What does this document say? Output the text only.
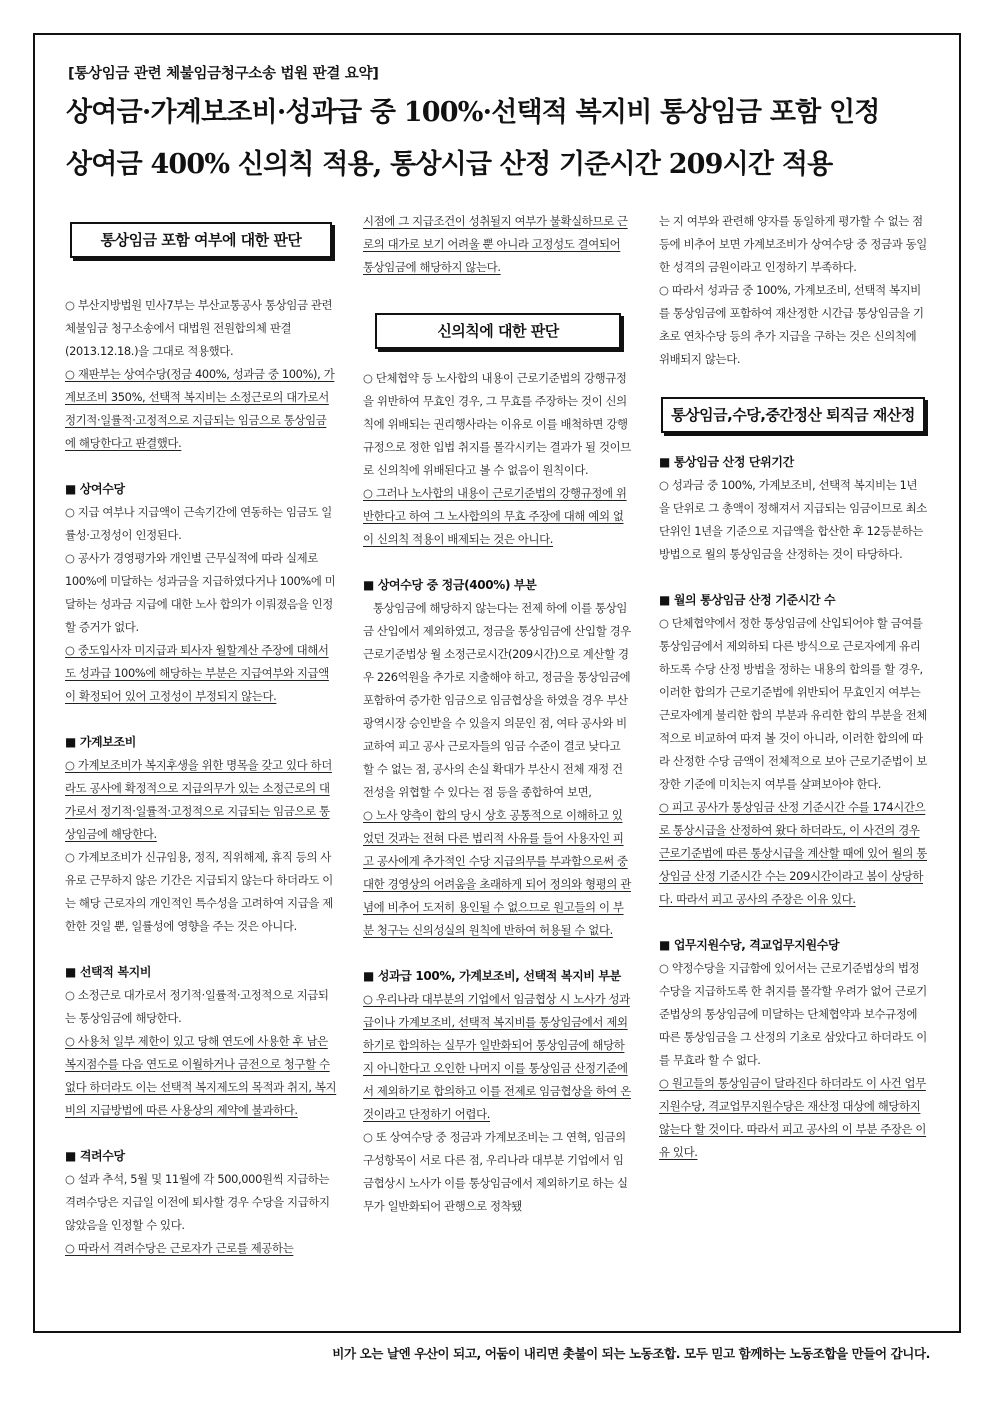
[통상임금 관련 체불임금청구소송 법원 판결 요약]
상여금·가계보조비·성과급 중 100%·선택적 복지비 통상임금 포함 인정
상여금 400% 신의칙 적용, 통상시급 산정 기준시간 209시간 적용
통상임금 포함 여부에 대한 판단

○ 부산지방법원 민사7부는 부산교통공사 통상임금 관련 체불임금 청구소송에서 대법원 전원합의체 판결(2013.12.18.)을 그대로 적용했다.

○ 재판부는 상여수당(정금 400%, 성과금 중 100%), 가계보조비 350%, 선택적 복지비는 소정근로의 대가로서 정기적·일률적·고정적으로 지급되는 임금으로 통상임금에 해당한다고 판결했다.

■ 상여수당

○ 지급 여부나 지급액이 근속기간에 연동하는 임금도 일률성·고정성이 인정된다.

○ 공사가 경영평가와 개인별 근무실적에 따라 실제로 100%에 미달하는 성과금을 지급하였다거나 100%에 미달하는 성과금 지급에 대한 노사 합의가 이뤄졌음을 인정할 증거가 없다.

○ 중도입사자 미지급과 퇴사자 월할계산 주장에 대해서도 성과급 100%에 해당하는 부분은 지급여부와 지급액이 확정되어 있어 고정성이 부정되지 않는다.

■ 가계보조비

○ 가계보조비가 복지후생을 위한 명목을 갖고 있다 하더라도 공사에 확정적으로 지급의무가 있는 소정근로의 대가로서 정기적·일률적·고정적으로 지급되는 임금으로 통상임금에 해당한다.

○ 가계보조비가 신규임용, 정직, 직위해제, 휴직 등의 사유로 근무하지 않은 기간은 지급되지 않는다 하더라도 이는 해당 근로자의 개인적인 특수성을 고려하여 지급을 제한한 것일 뿐, 일률성에 영향을 주는 것은 아니다.

■ 선택적 복지비

○ 소정근로 대가로서 정기적·일률적·고정적으로 지급되는 통상임금에 해당한다.

○ 사용처 일부 제한이 있고 당해 연도에 사용한 후 남은 복지점수를 다음 연도로 이월하거나 금전으로 청구할 수 없다 하더라도 이는 선택적 복지제도의 목적과 취지, 복지비의 지급방법에 따른 사용상의 제약에 불과하다.

■ 격려수당

○ 설과 추석, 5월 및 11월에 각 500,000원씩 지급하는 격려수당은 지급일 이전에 퇴사할 경우 수당을 지급하지 않았음을 인정할 수 있다.

○ 따라서 격려수당은 근로자가 근로를 제공하는

시점에 그 지급조건이 성취될지 여부가 불확실하므로 근로의 대가로 보기 어려울 뿐 아니라 고정성도 결여되어 통상임금에 해당하지 않는다.

신의칙에 대한 판단

○ 단체협약 등 노사합의 내용이 근로기준법의 강행규정을 위반하여 무효인 경우, 그 무효를 주장하는 것이 신의칙에 위배되는 권리행사라는 이유로 이를 배척하면 강행규정으로 정한 입법 취지를 몰각시키는 결과가 될 것이므로 신의칙에 위배된다고 볼 수 없음이 원칙이다.

○ 그러나 노사합의 내용이 근로기준법의 강행규정에 위반한다고 하여 그 노사합의의 무효 주장에 대해 예외 없이 신의칙 적용이 배제되는 것은 아니다.

■ 상여수당 중 정금(400%) 부분

통상임금에 해당하지 않는다는 전제 하에 이를 통상임금 산입에서 제외하였고, 정금을 통상임금에 산입할 경우 근로기준법상 월 소정근로시간(209시간)으로 계산할 경우 226억원을 추가로 지출해야 하고, 정금을 통상임금에 포함하여 증가한 임금으로 임금협상을 하였을 경우 부산광역시장 승인받을 수 있을지 의문인 점, 여타 공사와 비교하여 피고 공사 근로자들의 임금 수준이 결코 낮다고 할 수 없는 점, 공사의 손실 확대가 부산시 전체 재정 건전성을 위협할 수 있다는 점 등을 종합하여 보면,

○ 노사 양측이 합의 당시 상호 공통적으로 이해하고 있었던 것과는 전혀 다른 법리적 사유를 들어 사용자인 피고 공사에게 추가적인 수당 지급의무를 부과함으로써 중대한 경영상의 어려움을 초래하게 되어 정의와 형평의 관념에 비추어 도저히 용인될 수 없으므로 원고들의 이 부분 청구는 신의성실의 원칙에 반하여 허용될 수 없다.

■ 성과급 100%, 가계보조비, 선택적 복지비 부분

○ 우리나라 대부분의 기업에서 임금협상 시 노사가 성과급이나 가계보조비, 선택적 복지비를 통상임금에서 제외하기로 합의하는 실무가 일반화되어 통상임금에 해당하지 아니한다고 오인한 나머지 이를 통상임금 산정기준에서 제외하기로 합의하고 이를 전제로 임금협상을 하여 온 것이라고 단정하기 어렵다.

○ 또 상여수당 중 정금과 가계보조비는 그 연혁, 임금의 구성항목이 서로 다른 점, 우리나라 대부분 기업에서 임금협상시 노사가 이를 통상임금에서 제외하기로 하는 실무가 일반화되어 관행으로 정착됐

는 지 여부와 관련해 양자를 동일하게 평가할 수 없는 점 등에 비추어 보면 가계보조비가 상여수당 중 정금과 동일한 성격의 금원이라고 인정하기 부족하다.

○ 따라서 성과금 중 100%, 가계보조비, 선택적 복지비를 통상임금에 포함하여 재산정한 시간급 통상임금을 기초로 연차수당 등의 추가 지급을 구하는 것은 신의칙에 위배되지 않는다.

통상임금,수당,중간정산 퇴직금 재산정

■ 통상임금 산정 단위기간

○ 성과금 중 100%, 가계보조비, 선택적 복지비는 1년을 단위로 그 총액이 정해져서 지급되는 임금이므로 최소 단위인 1년을 기준으로 지급액을 합산한 후 12등분하는 방법으로 월의 통상임금을 산정하는 것이 타당하다.

■ 월의 통상임금 산정 기준시간 수

○ 단체협약에서 정한 통상임금에 산입되어야 할 금여를 통상임금에서 제외하되 다른 방식으로 근로자에게 유리하도록 수당 산정 방법을 정하는 내용의 합의를 할 경우, 이러한 합의가 근로기준법에 위반되어 무효인지 여부는 근로자에게 불리한 합의 부분과 유리한 합의 부분을 전체적으로 비교하여 따져 볼 것이 아니라, 이러한 합의에 따라 산정한 수당 금액이 전체적으로 보아 근로기준법이 보장한 기준에 미치는지 여부를 살펴보아야 한다.

○ 피고 공사가 통상임금 산정 기준시간 수를 174시간으로 통상시급을 산정하여 왔다 하더라도, 이 사건의 경우 근로기준법에 따른 통상시급을 계산할 때에 있어 월의 통상임금 산정 기준시간 수는 209시간이라고 봄이 상당하다. 따라서 피고 공사의 주장은 이유 있다.

■ 업무지원수당, 격교업무지원수당

○ 약정수당을 지급함에 있어서는 근로기준법상의 법정수당을 지급하도록 한 취지를 몰각할 우려가 없어 근로기준법상의 통상임금에 미달하는 단체협약과 보수규정에 따른 통상임금을 그 산정의 기초로 삼았다고 하더라도 이를 무효라 할 수 없다.

○ 원고들의 통상임금이 달라진다 하더라도 이 사건 업무지원수당, 격교업무지원수당은 재산정 대상에 해당하지 않는다 할 것이다. 따라서 피고 공사의 이 부분 주장은 이유 있다.

비가 오는 날엔 우산이 되고, 어둠이 내리면 촛불이 되는 노동조합. 모두 믿고 함께하는 노동조합을 만들어 갑니다.
